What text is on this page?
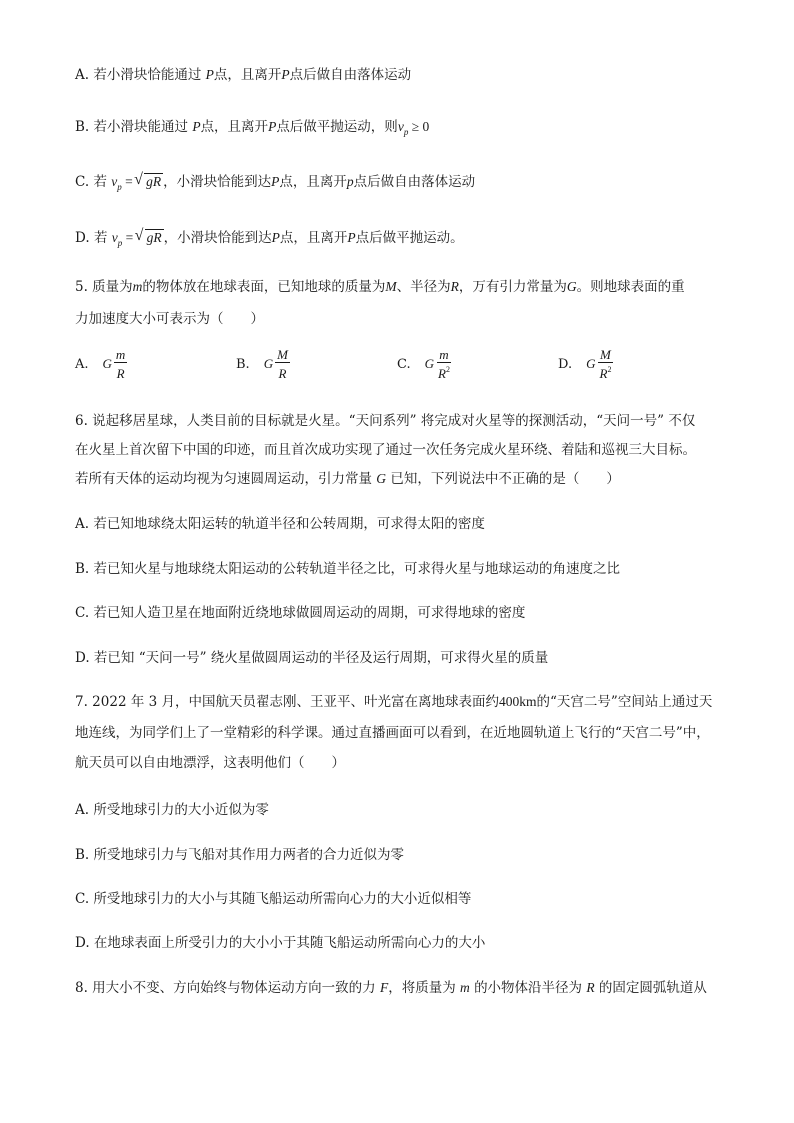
A. 若小滑块恰能通过 P点，且离开P点后做自由落体运动
B. 若小滑块能通过 P点，且离开P点后做平抛运动，则$v_p \ge 0$
C. 若 $v_p$ = √ gR ，小滑块恰能到达P点，且离开p点后做自由落体运动
D. 若 $v_p$ = √ gR ，小滑块恰能到达P点，且离开P点后做平抛运动。
5. 质量为m的物体放在地球表面，已知地球的质量为M、半径为R，万有引力常量为G。则地球表面的重
力加速度大小可表示为（　　）
A. G $\frac{m}{R}$	B. G $\frac{M}{R}$	C. G $\frac{m}{R^2}$	D. G $\frac{M}{R^2}$
6. 说起移居星球，人类目前的目标就是火星。“天问系列” 将完成对火星等的探测活动，“天问一号” 不仅
在火星上首次留下中国的印迹，而且首次成功实现了通过一次任务完成火星环绕、着陆和巡视三大目标。
若所有天体的运动均视为匀速圆周运动，引力常量 G 已知，下列说法中不正确的是（　　）
A. 若已知地球绕太阳运转的轨道半径和公转周期，可求得太阳的密度
B. 若已知火星与地球绕太阳运动的公转轨道半径之比，可求得火星与地球运动的角速度之比
C. 若已知人造卫星在地面附近绕地球做圆周运动的周期，可求得地球的密度
D. 若已知 “天问一号” 绕火星做圆周运动的半径及运行周期，可求得火星的质量
7. 2022 年 3 月，中国航天员翟志刚、王亚平、叶光富在离地球表面约400km的“天宫二号”空间站上通过天
地连线，为同学们上了一堂精彩的科学课。通过直播画面可以看到，在近地圆轨道上飞行的“天宫二号”中，
航天员可以自由地漂浮，这表明他们（　　）
A. 所受地球引力的大小近似为零
B. 所受地球引力与飞船对其作用力两者的合力近似为零
C. 所受地球引力的大小与其随飞船运动所需向心力的大小近似相等
D. 在地球表面上所受引力的大小小于其随飞船运动所需向心力的大小
8. 用大小不变、方向始终与物体运动方向一致的力 F，将质量为 m 的小物体沿半径为 R 的固定圆弧轨道从
